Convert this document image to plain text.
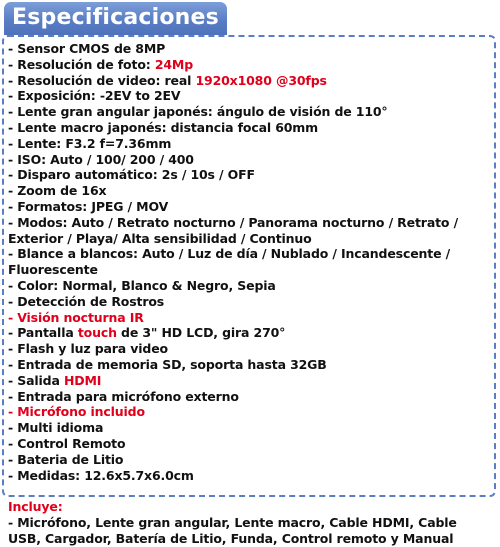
Especificaciones
- Sensor CMOS de 8MP
- Resolución de foto: 24Mp
- Resolución de video: real 1920x1080 @30fps
- Exposición: -2EV to 2EV
- Lente gran angular japonés: ángulo de visión de 110°
- Lente macro japonés: distancia focal 60mm
- Lente: F3.2 f=7.36mm
- ISO: Auto / 100/ 200 / 400
- Disparo automático: 2s / 10s / OFF
- Zoom de 16x
- Formatos: JPEG / MOV
- Modos: Auto / Retrato nocturno / Panorama nocturno / Retrato /
Exterior / Playa/ Alta sensibilidad / Continuo
- Blance a blancos: Auto / Luz de día / Nublado / Incandescente /
Fluorescente
- Color: Normal, Blanco & Negro, Sepia
- Detección de Rostros
- Visión nocturna IR
- Pantalla touch de 3" HD LCD, gira 270°
- Flash y luz para video
- Entrada de memoria SD, soporta hasta 32GB
- Salida HDMI
- Entrada para micrófono externo
- Micrófono incluido
- Multi idioma
- Control Remoto
- Bateria de Litio
- Medidas: 12.6x5.7x6.0cm
Incluye:
- Micrófono, Lente gran angular, Lente macro, Cable HDMI, Cable
USB, Cargador, Batería de Litio, Funda, Control remoto y Manual
